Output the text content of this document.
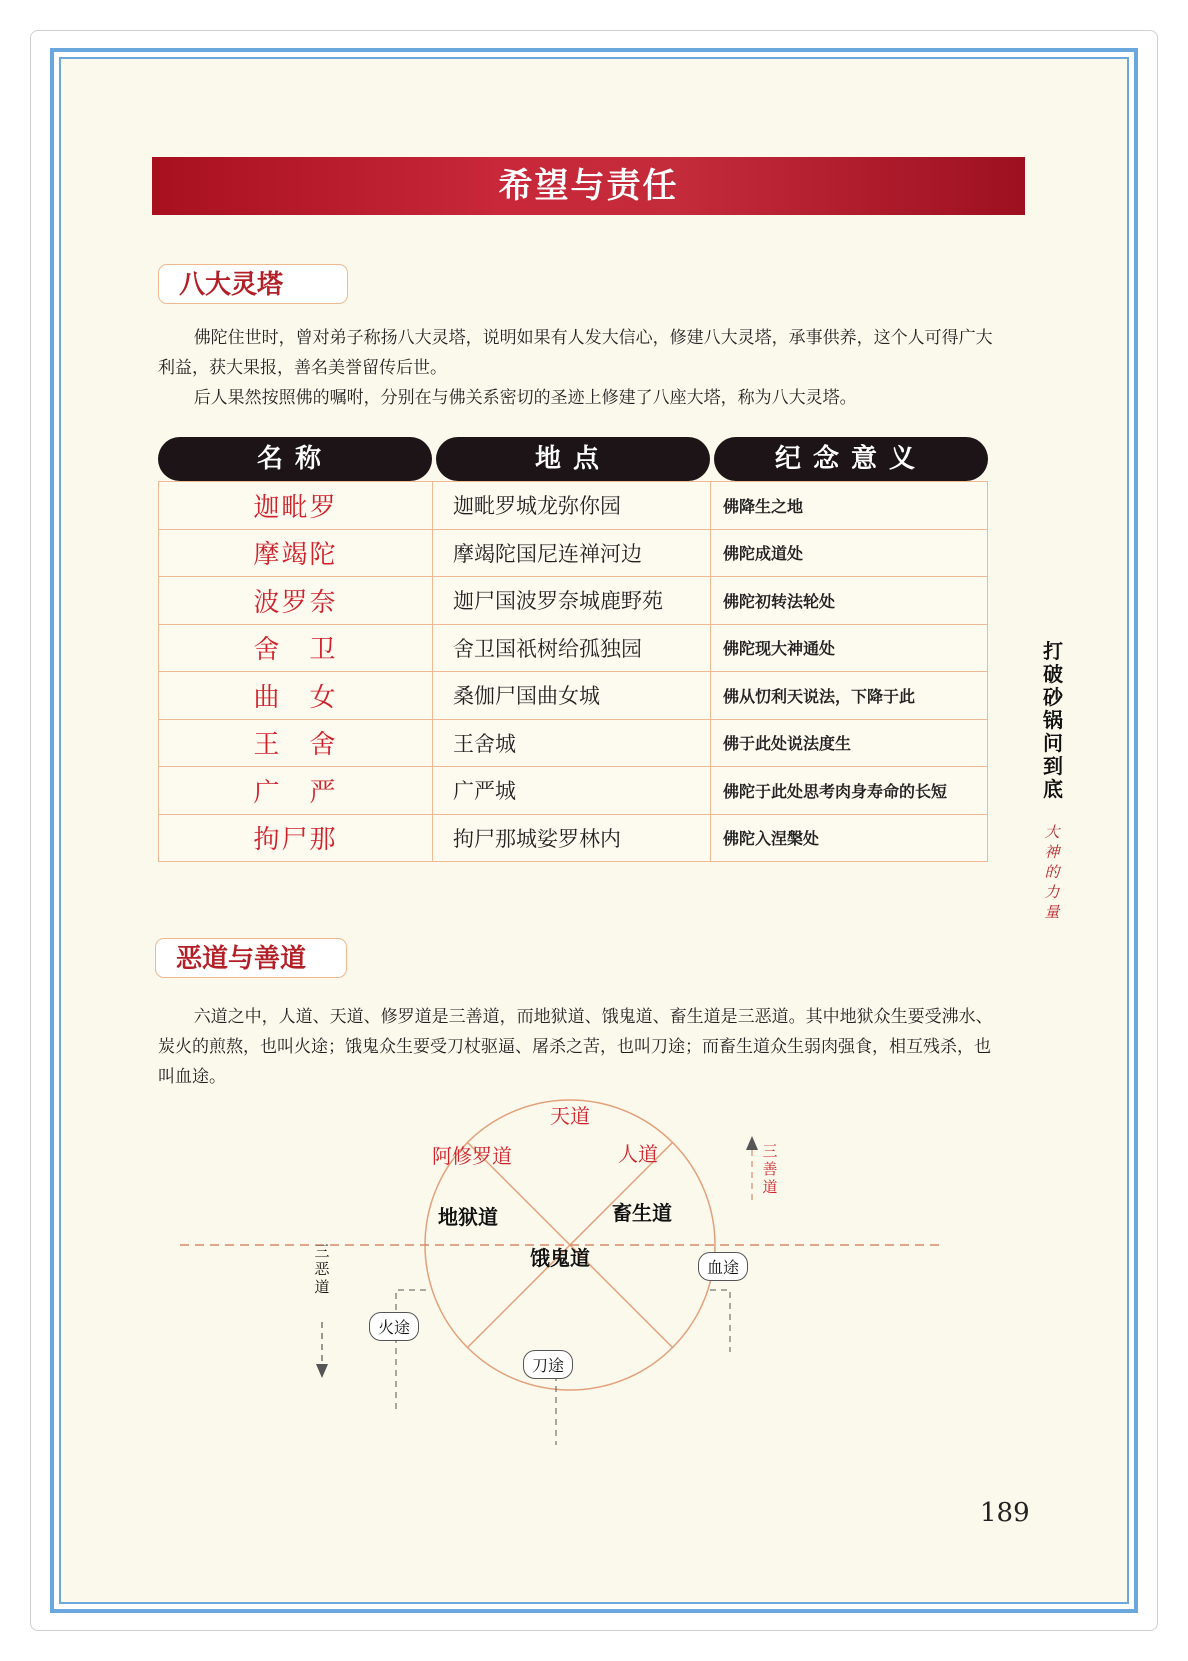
希望与责任
八大灵塔

佛陀住世时，曾对弟子称扬八大灵塔，说明如果有人发大信心，修建八大灵塔，承事供养，这个人可得广大利益，获大果报，善名美誉留传后世。

后人果然按照佛的嘱咐，分别在与佛关系密切的圣迹上修建了八座大塔，称为八大灵塔。

名称	地点	纪念意义
迦毗罗	迦毗罗城龙弥你园	佛降生之地
摩竭陀	摩竭陀国尼连禅河边	佛陀成道处
波罗奈	迦尸国波罗奈城鹿野苑	佛陀初转法轮处
舍　卫	舍卫国祇树给孤独园	佛陀现大神通处
曲　女	桑伽尸国曲女城	佛从忉利天说法，下降于此
王　舍	王舍城	佛于此处说法度生
广　严	广严城	佛陀于此处思考肉身寿命的长短
拘尸那	拘尸那城娑罗林内	佛陀入涅槃处
打破砂锅问到底
大神的力量
恶道与善道

六道之中，人道、天道、修罗道是三善道，而地狱道、饿鬼道、畜生道是三恶道。其中地狱众生要受沸水、炭火的煎熬，也叫火途；饿鬼众生要受刀杖驱逼、屠杀之苦，也叫刀途；而畜生道众生弱肉强食，相互残杀，也叫血途。

天道
阿修罗道	人道
地狱道	畜生道
饿鬼道
三恶道
三善道
火途
刀途
血途
189
